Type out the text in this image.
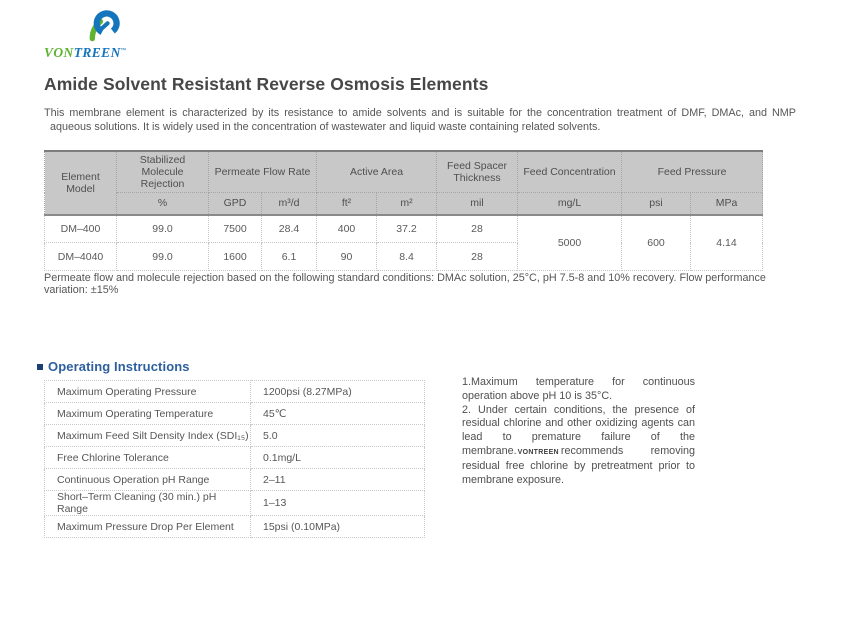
VONTREEN™
Amide Solvent Resistant Reverse Osmosis Elements

This membrane element is characterized by its resistance to amide solvents and is suitable for the concentration treatment of DMF, DMAc, and NMP aqueous solutions. It is widely used in the concentration of wastewater and liquid waste containing related solvents.

Element Model	Stabilized Molecule Rejection	Permeate Flow Rate		Active Area		Feed Spacer Thickness	Feed Concentration	Feed Pressure	
	%	GPD	m³/d	ft²	m²	mil	mg/L	psi	MPa
DM–400	99.0	7500	28.4	400	37.2	28	5000	600	4.14
DM–4040	99.0	1600	6.1	90	8.4	28			

Permeate flow and molecule rejection based on the following standard conditions: DMAc solution, 25°C, pH 7.5-8 and 10% recovery. Flow performance variation: ±15%

Operating Instructions
Maximum Operating Pressure	1200psi (8.27MPa)
Maximum Operating Temperature	45℃
Maximum Feed Silt Density Index (SDI₁₅)	5.0
Free Chlorine Tolerance	0.1mg/L
Continuous Operation pH Range	2–11
Short–Term Cleaning (30 min.) pH Range	1–13
Maximum Pressure Drop Per Element	15psi (0.10MPa)
1.Maximum temperature for continuous operation above pH 10 is 35°C.
2. Under certain conditions, the presence of residual chlorine and other oxidizing agents can lead to premature failure of the membrane.VONTREEN recommends removing residual free chlorine by pretreatment prior to membrane exposure.
